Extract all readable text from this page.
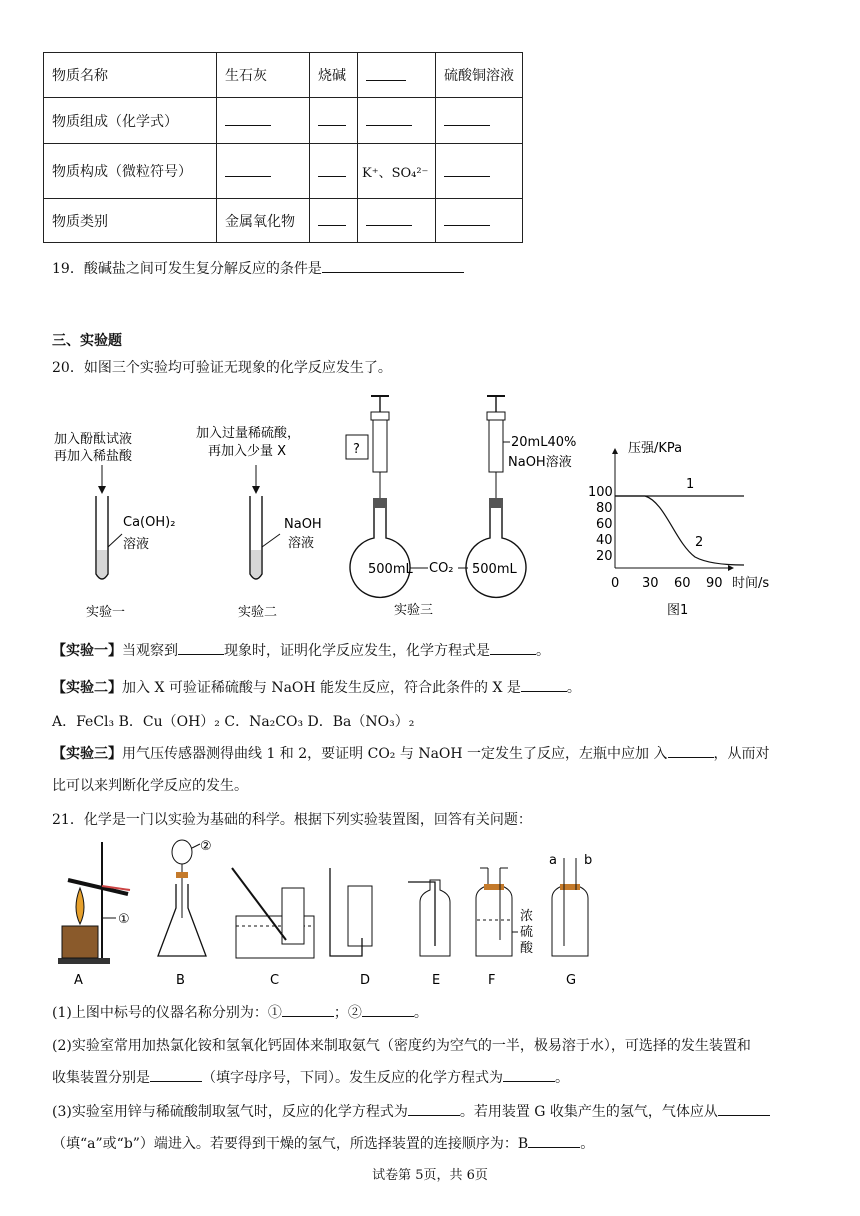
物质名称	生石灰	烧碱		硫酸铜溶液
物质组成（化学式）				
物质构成（微粒符号）			K⁺、SO₄²⁻	
物质类别	金属氧化物			
19．酸碱盐之间可发生复分解反应的条件是
三、实验题
20．如图三个实验均可验证无现象的化学反应发生了。
加入酚酞试液
再加入稀盐酸
Ca(OH)₂
溶液
实验一
加入过量稀硫酸，
再加入少量 X
NaOH
溶液
实验二
?
500mL CO₂ 500mL
20mL40%
NaOH溶液
实验三
压强/KPa
100
80
60
40
20
0 30 60 90 时间/s
1
2
图1
【实验一】当观察到	现象时，证明化学反应发生，化学方程式是	。
【实验二】加入 X 可验证稀硫酸与 NaOH 能发生反应，符合此条件的 X 是	。
A．FeCl₃ B．Cu（OH）₂ C．Na₂CO₃ D．Ba（NO₃）₂
【实验三】用气压传感器测得曲线 1 和 2，要证明 CO₂ 与 NaOH 一定发生了反应，左瓶中应加 入	，从而对
比可以来判断化学反应的发生。
21．化学是一门以实验为基础的科学。根据下列实验装置图，回答有关问题：
①
A
②
B	C	D	E
浓
硫
酸
F
a b
G
(1)上图中标号的仪器名称分别为：①	；②	。
(2)实验室常用加热氯化铵和氢氧化钙固体来制取氨气（密度约为空气的一半，极易溶于水），可选择的发生装置和
收集装置分别是	（填字母序号，下同）。发生反应的化学方程式为	。
(3)实验室用锌与稀硫酸制取氢气时，反应的化学方程式为	。若用装置 G 收集产生的氢气，气体应从
（填“a”或“b”）端进入。若要得到干燥的氢气，所选择装置的连接顺序为：B	。
试卷第 5页，共 6页
